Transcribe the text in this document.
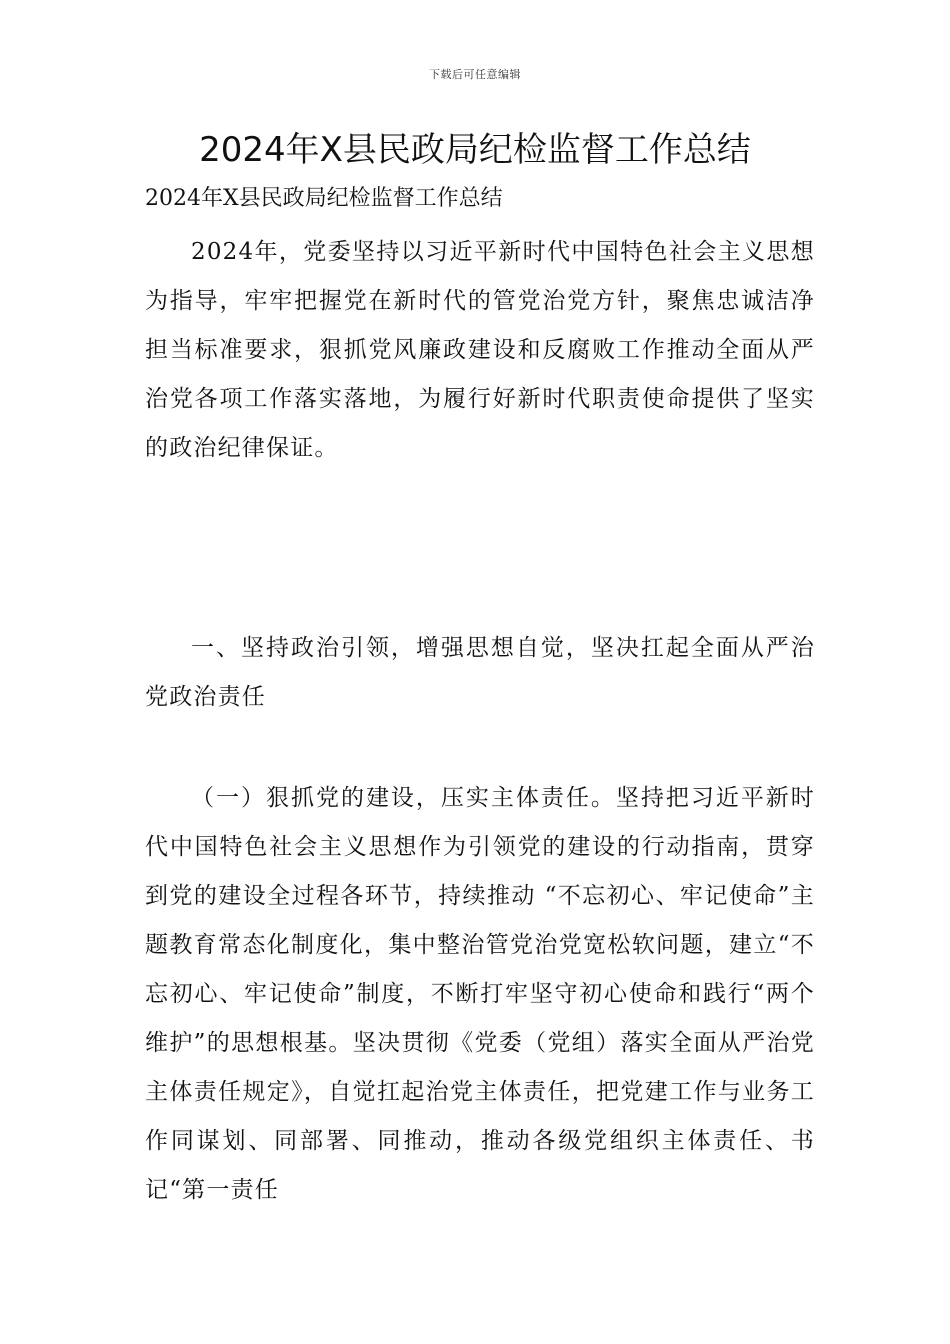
下载后可任意编辑
2024年X县民政局纪检监督工作总结

2024年X县民政局纪检监督工作总结

2024年，党委坚持以习近平新时代中国特色社会主义思想为指导，牢牢把握党在新时代的管党治党方针，聚焦忠诚洁净担当标准要求，狠抓党风廉政建设和反腐败工作推动全面从严治党各项工作落实落地，为履行好新时代职责使命提供了坚实的政治纪律保证。

一、坚持政治引领，增强思想自觉，坚决扛起全面从严治党政治责任

（一）狠抓党的建设，压实主体责任。坚持把习近平新时代中国特色社会主义思想作为引领党的建设的行动指南，贯穿到党的建设全过程各环节，持续推动 “不忘初心、牢记使命”主题教育常态化制度化，集中整治管党治党宽松软问题，建立“不忘初心、牢记使命”制度，不断打牢坚守初心使命和践行“两个维护”的思想根基。坚决贯彻《党委（党组）落实全面从严治党主体责任规定》，自觉扛起治党主体责任，把党建工作与业务工作同谋划、同部署、同推动，推动各级党组织主体责任、书记“第一责任
